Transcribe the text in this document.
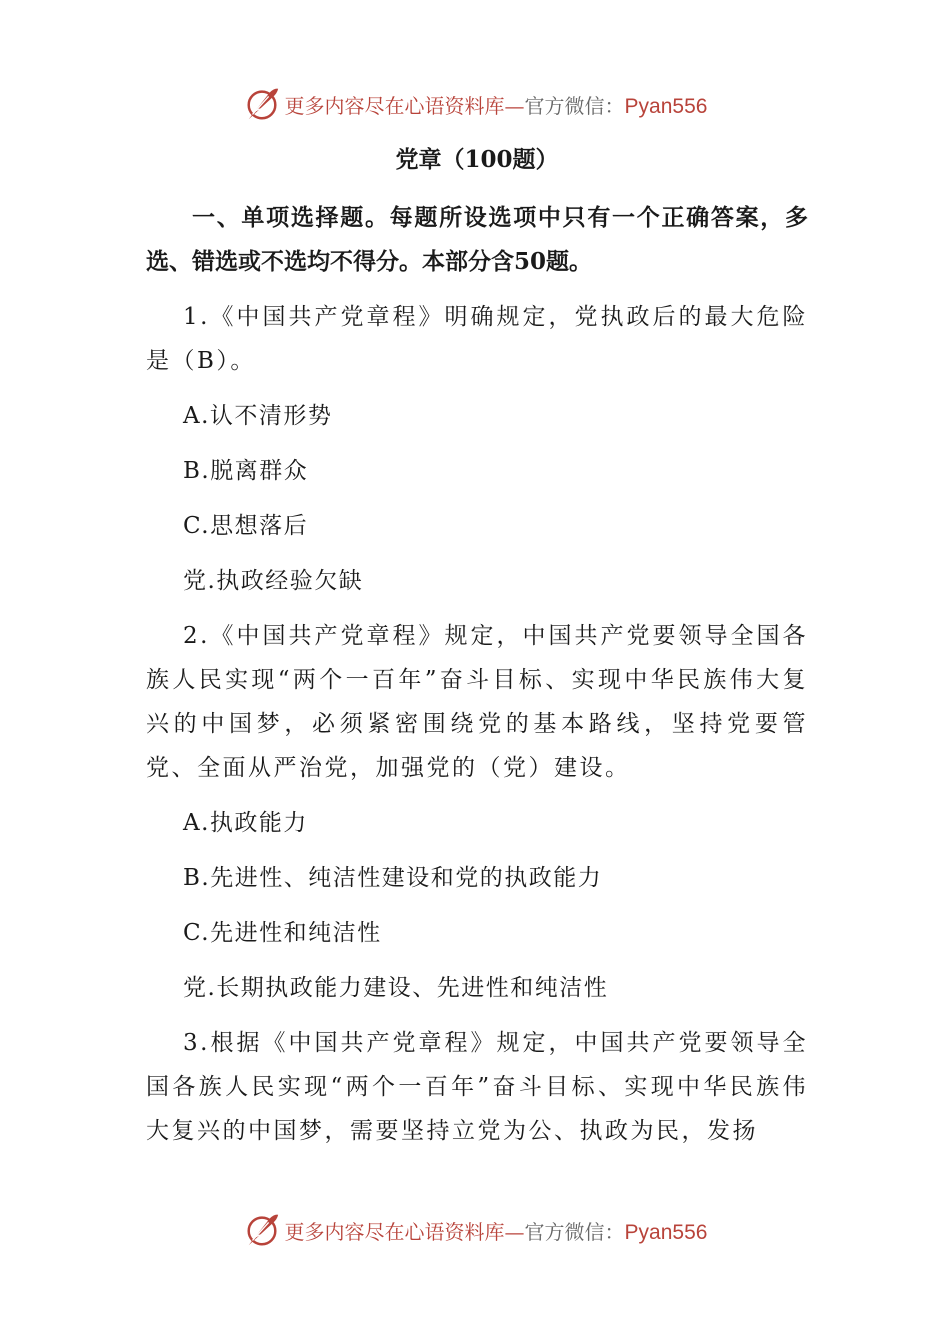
更多内容尽在心语资料库—官方微信：Pyan556
党章（100题）
一、单项选择题。每题所设选项中只有一个正确答案，多选、错选或不选均不得分。本部分含50题。
1.《中国共产党章程》明确规定，党执政后的最大危险是（B）。
A.认不清形势
B.脱离群众
C.思想落后
党.执政经验欠缺
2.《中国共产党章程》规定，中国共产党要领导全国各族人民实现“两个一百年”奋斗目标、实现中华民族伟大复兴的中国梦，必须紧密围绕党的基本路线，坚持党要管党、全面从严治党，加强党的（党）建设。
A.执政能力
B.先进性、纯洁性建设和党的执政能力
C.先进性和纯洁性
党.长期执政能力建设、先进性和纯洁性
3.根据《中国共产党章程》规定，中国共产党要领导全国各族人民实现“两个一百年”奋斗目标、实现中华民族伟大复兴的中国梦，需要坚持立党为公、执政为民，发扬
更多内容尽在心语资料库—官方微信：Pyan556
